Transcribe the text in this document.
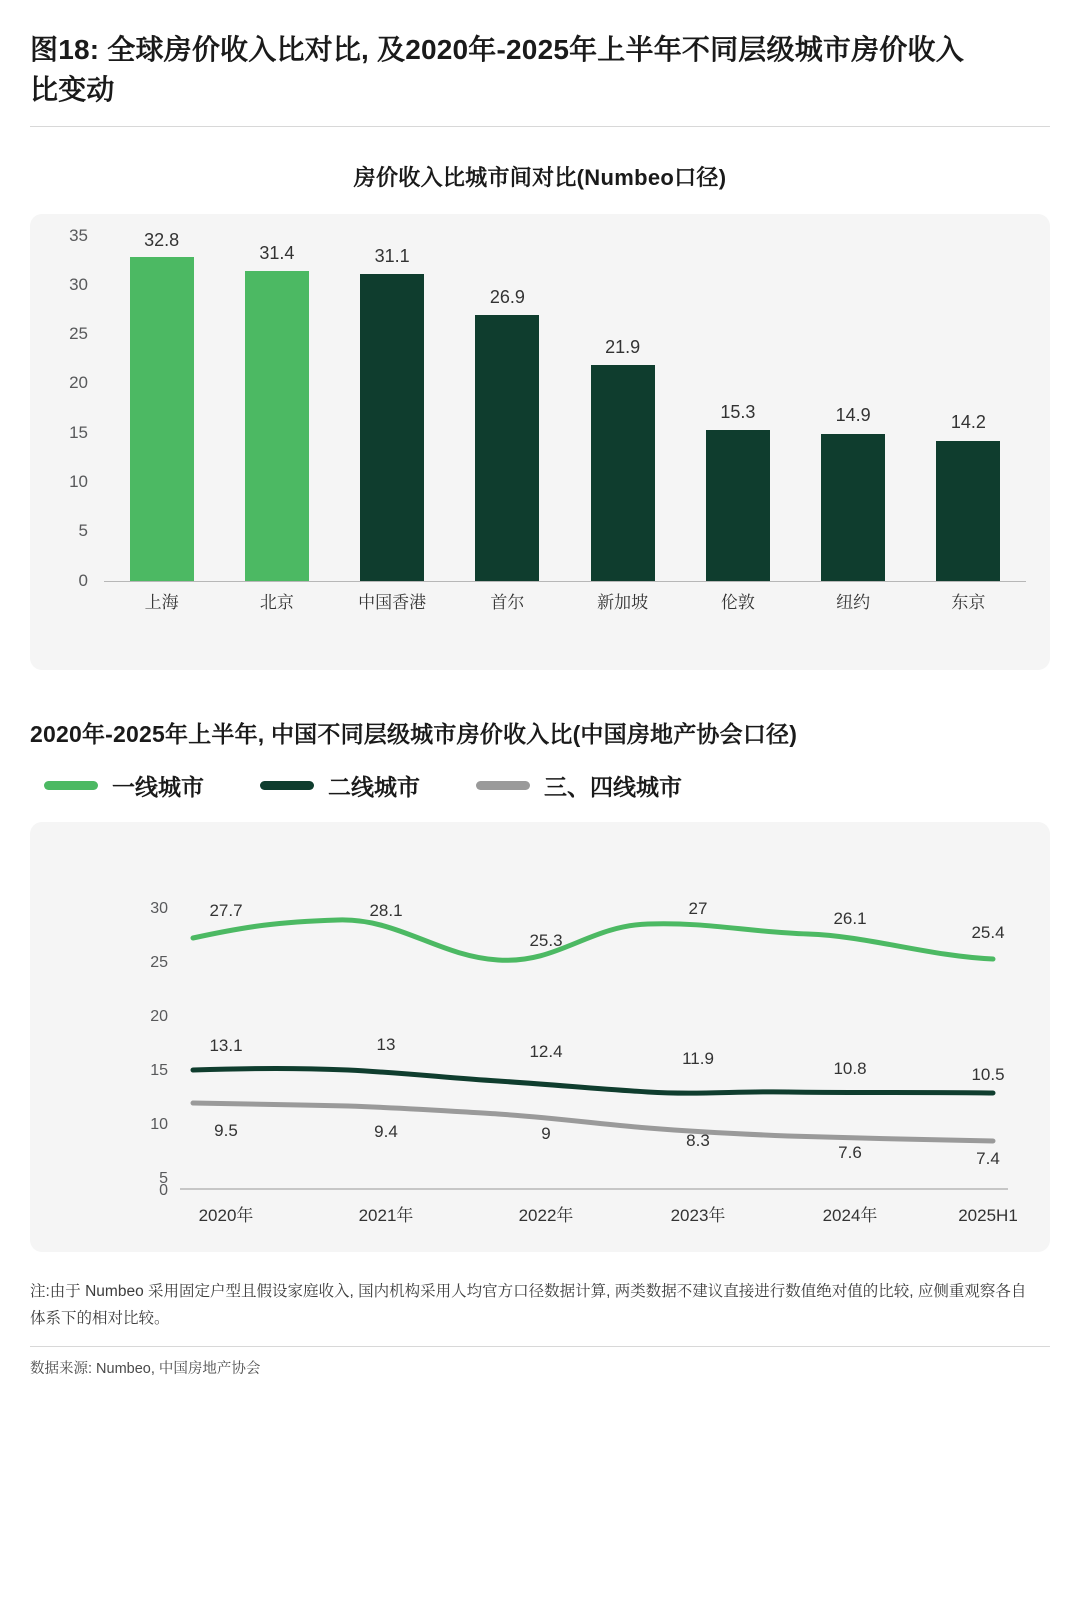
图18: 全球房价收入比对比, 及2020年-2025年上半年不同层级城市房价收入比变动
房价收入比城市间对比(Numbeo口径)
35
30
25
20
15
10
5
0
32.8
31.4	31.1
26.9
21.9
15.3	14.9	14.2
上海	北京	中国香港	首尔	新加坡	伦敦	纽约	东京
2020年-2025年上半年, 中国不同层级城市房价收入比(中国房地产协会口径)
一线城市	二线城市	三、四线城市
30
25
20
15
10
5
0
27.7	28.1
25.3
27
26.1
25.4
13.1	13	12.4	11.9
10.8	10.5
9.5	9.4	9	8.3
7.6	7.4
2020年	2021年	2022年	2023年	2024年	2025H1
注:由于 Numbeo 采用固定户型且假设家庭收入, 国内机构采用人均官方口径数据计算, 两类数据不建议直接进行数值绝对值的比较, 应侧重观察各自体系下的相对比较。
数据来源: Numbeo, 中国房地产协会
